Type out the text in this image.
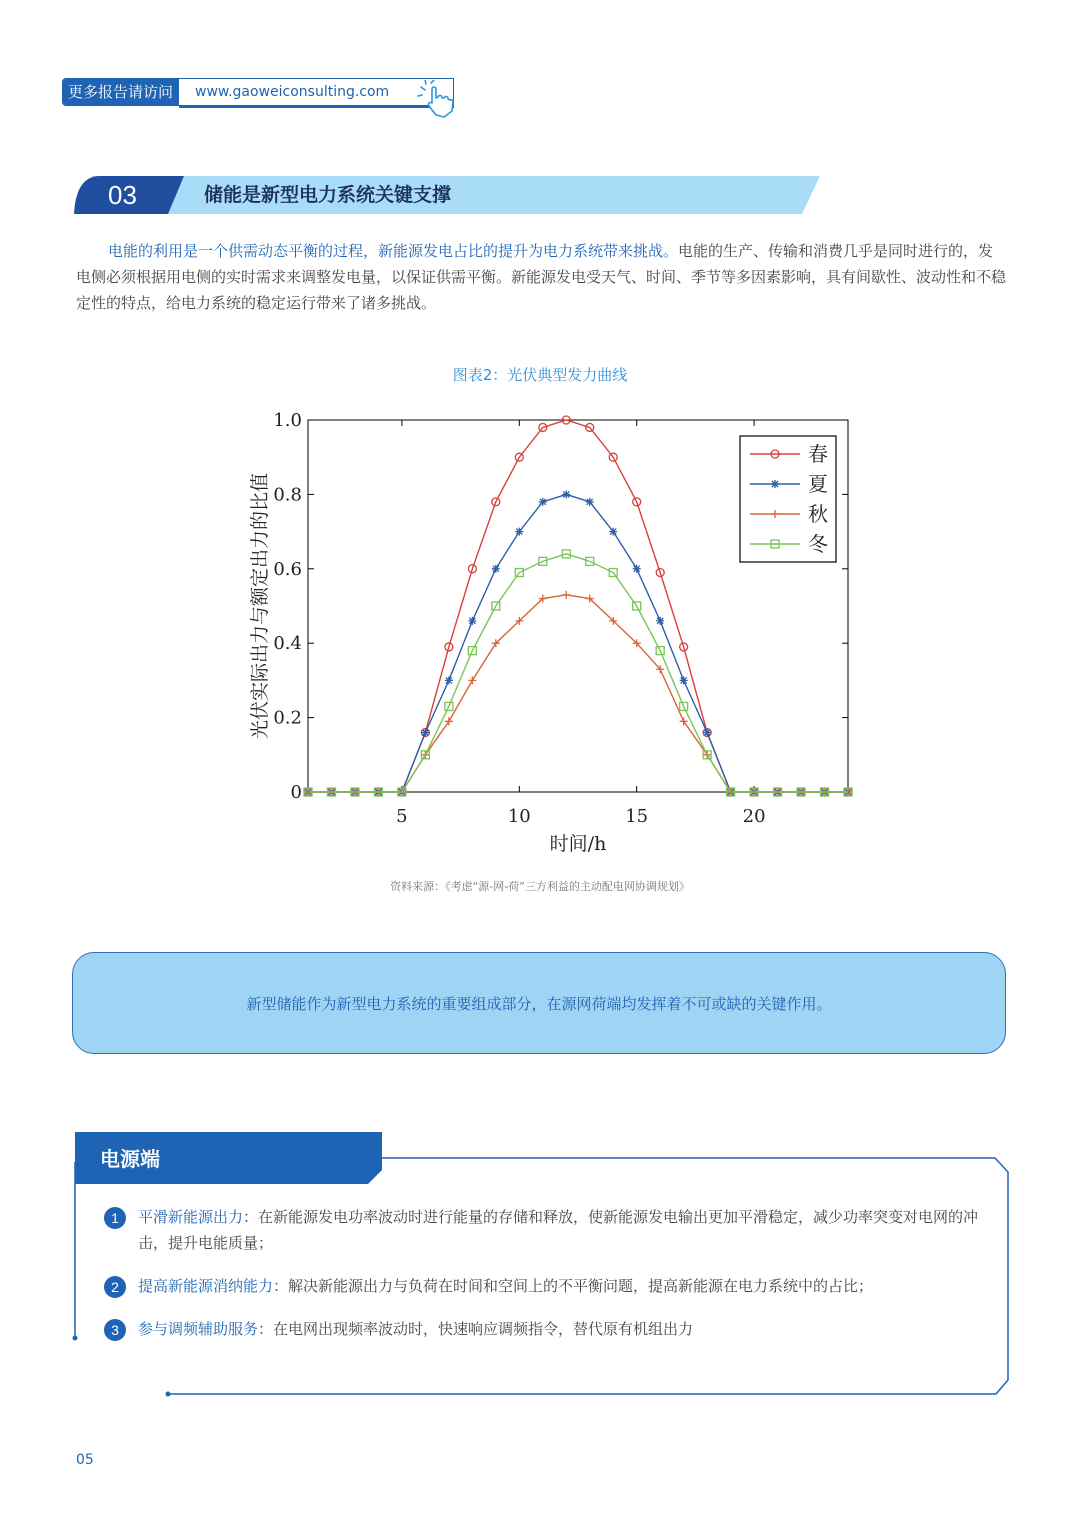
更多报告请访问	www.gaoweiconsulting.com
03	储能是新型电力系统关键支撑

电能的利用是一个供需动态平衡的过程，新能源发电占比的提升为电力系统带来挑战。电能的生产、传输和消费几乎是同时进行的，发电侧必须根据用电侧的实时需求来调整发电量，以保证供需平衡。新能源发电受天气、时间、季节等多因素影响，具有间歇性、波动性和不稳定性的特点，给电力系统的稳定运行带来了诸多挑战。

图表2：光伏典型发力曲线
5	10	15	20
0
0.2
0.4
0.6
0.8
1.0
时间/h
光伏实际出力与额定出力的比值
春
夏
秋
冬
资料来源：《考虑“源-网-荷”三方利益的主动配电网协调规划》
新型储能作为新型电力系统的重要组成部分，在源网荷端均发挥着不可或缺的关键作用。
电源端
1	平滑新能源出力：在新能源发电功率波动时进行能量的存储和释放，使新能源发电输出更加平滑稳定，减少功率突变对电网的冲击，提升电能质量；
2	提高新能源消纳能力：解决新能源出力与负荷在时间和空间上的不平衡问题，提高新能源在电力系统中的占比；
3	参与调频辅助服务：在电网出现频率波动时，快速响应调频指令，替代原有机组出力
05
